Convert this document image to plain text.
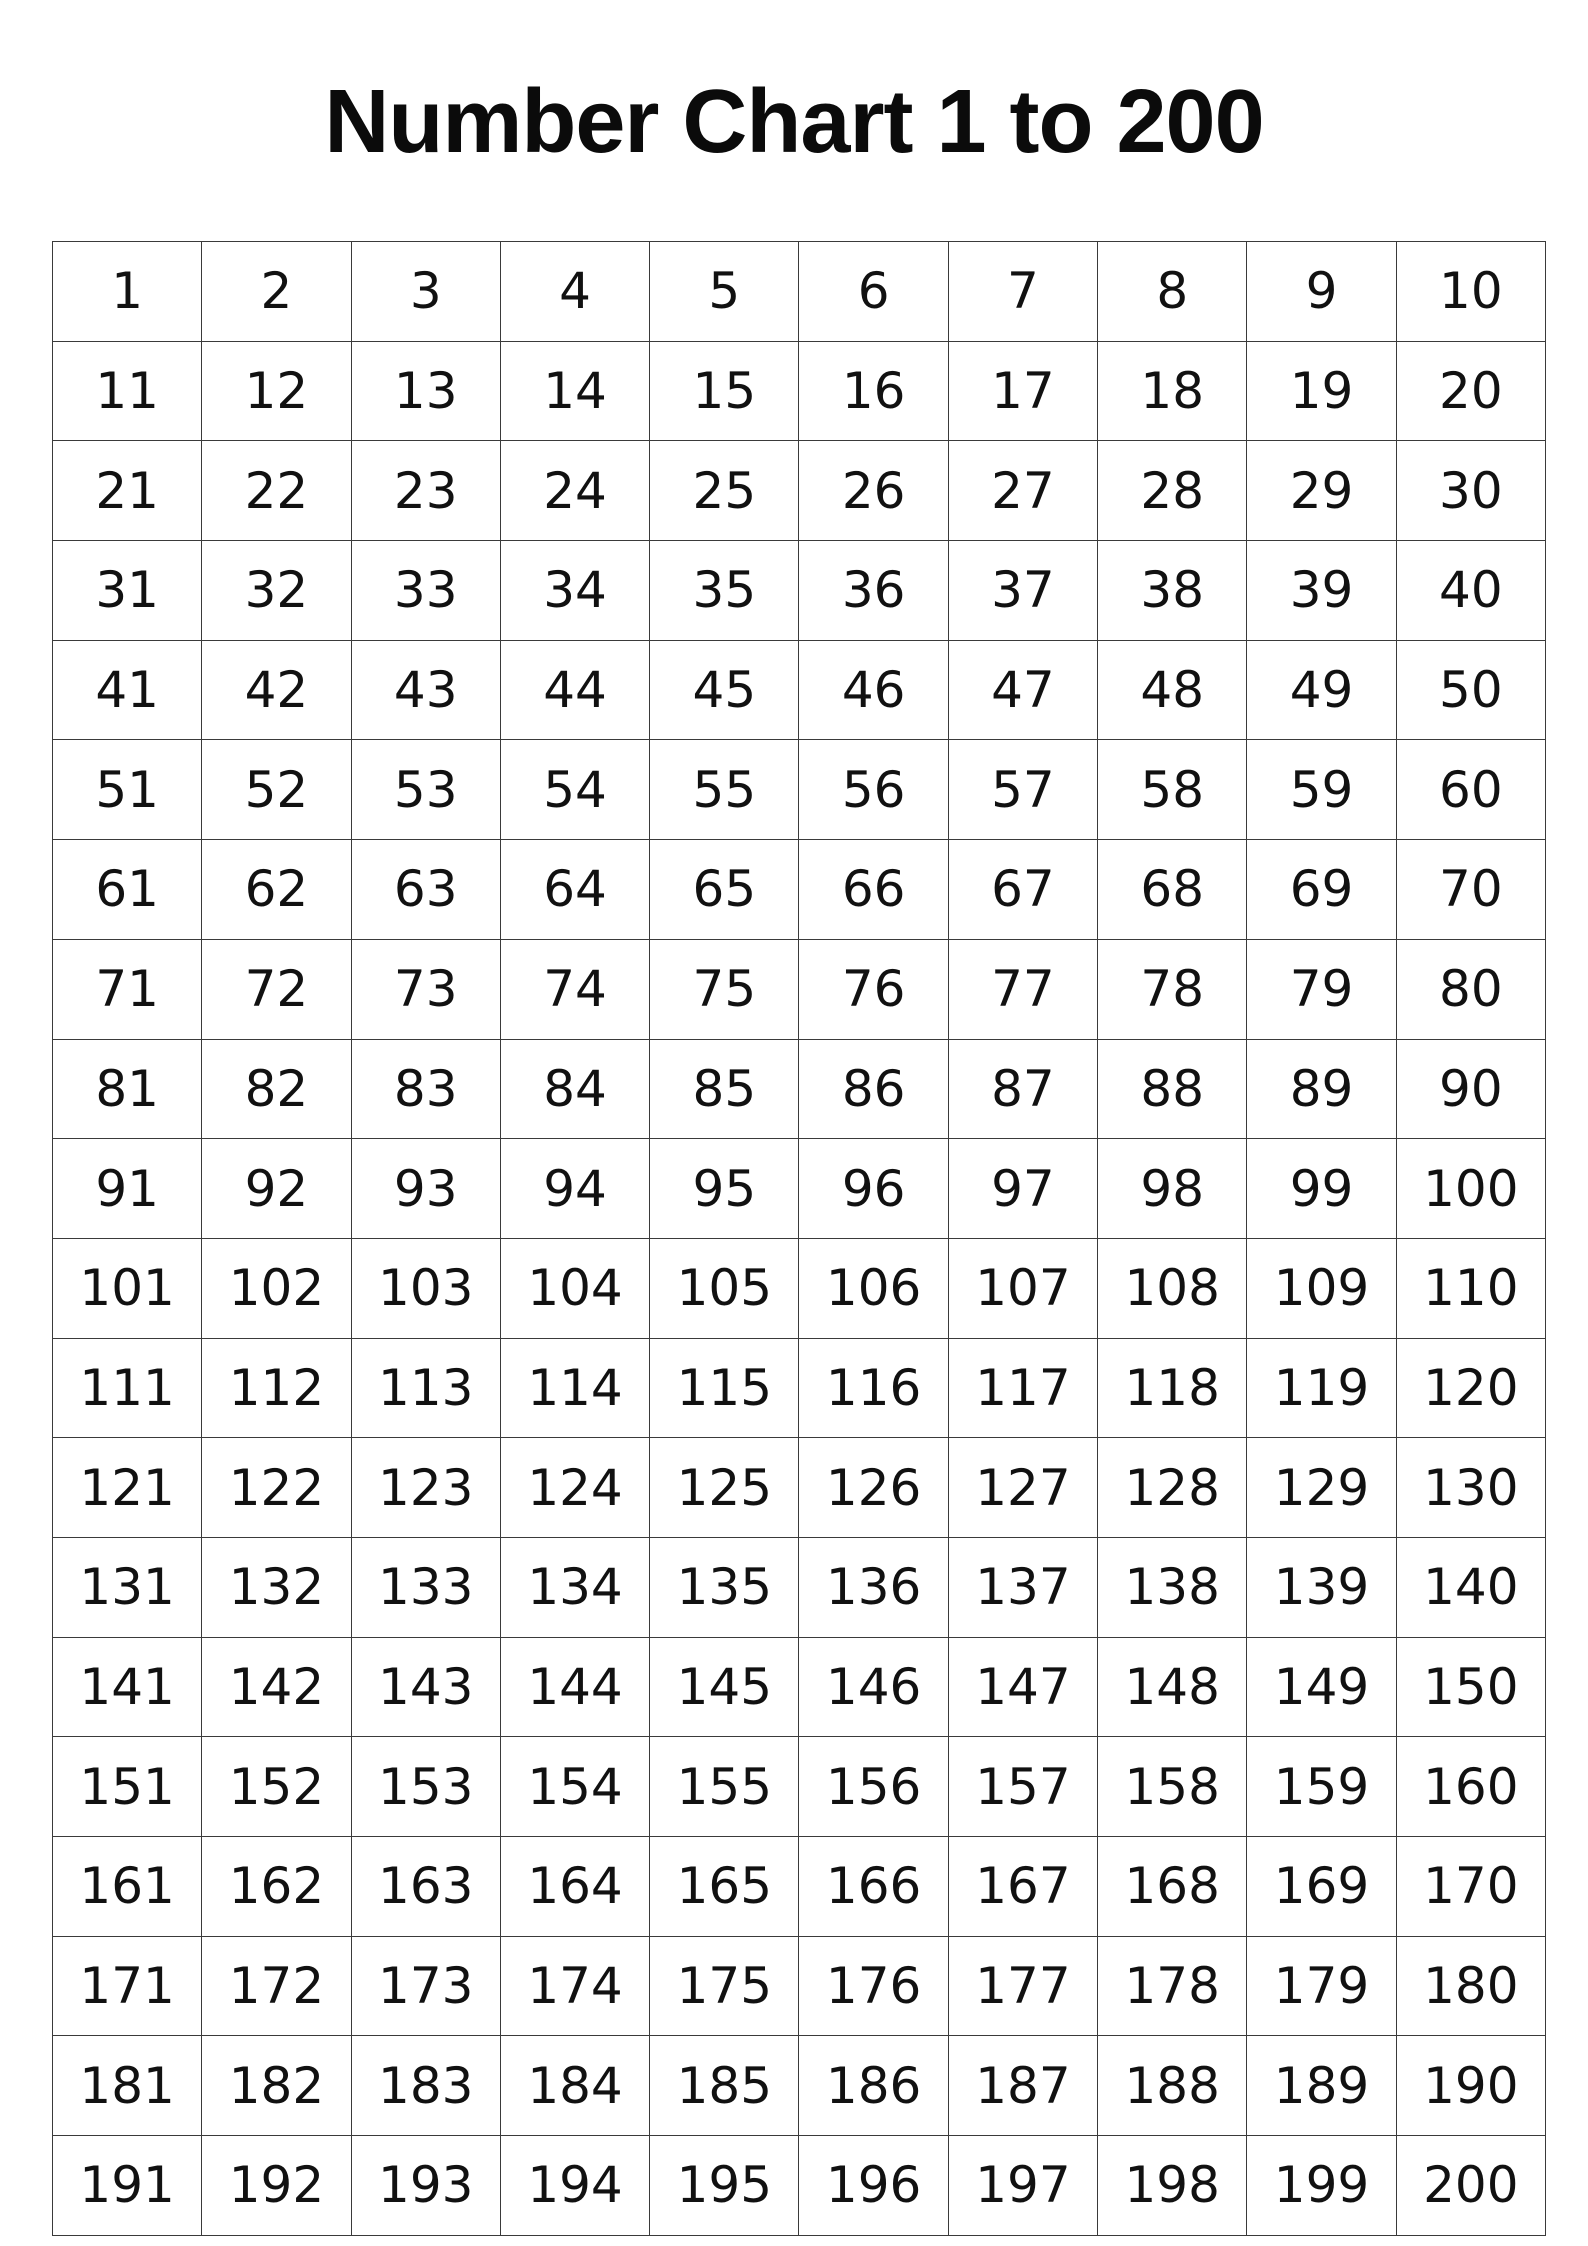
Number Chart 1 to 200
1	2	3	4	5	6	7	8	9	10
11	12	13	14	15	16	17	18	19	20
21	22	23	24	25	26	27	28	29	30
31	32	33	34	35	36	37	38	39	40
41	42	43	44	45	46	47	48	49	50
51	52	53	54	55	56	57	58	59	60
61	62	63	64	65	66	67	68	69	70
71	72	73	74	75	76	77	78	79	80
81	82	83	84	85	86	87	88	89	90
91	92	93	94	95	96	97	98	99	100
101	102	103	104	105	106	107	108	109	110
111	112	113	114	115	116	117	118	119	120
121	122	123	124	125	126	127	128	129	130
131	132	133	134	135	136	137	138	139	140
141	142	143	144	145	146	147	148	149	150
151	152	153	154	155	156	157	158	159	160
161	162	163	164	165	166	167	168	169	170
171	172	173	174	175	176	177	178	179	180
181	182	183	184	185	186	187	188	189	190
191	192	193	194	195	196	197	198	199	200
